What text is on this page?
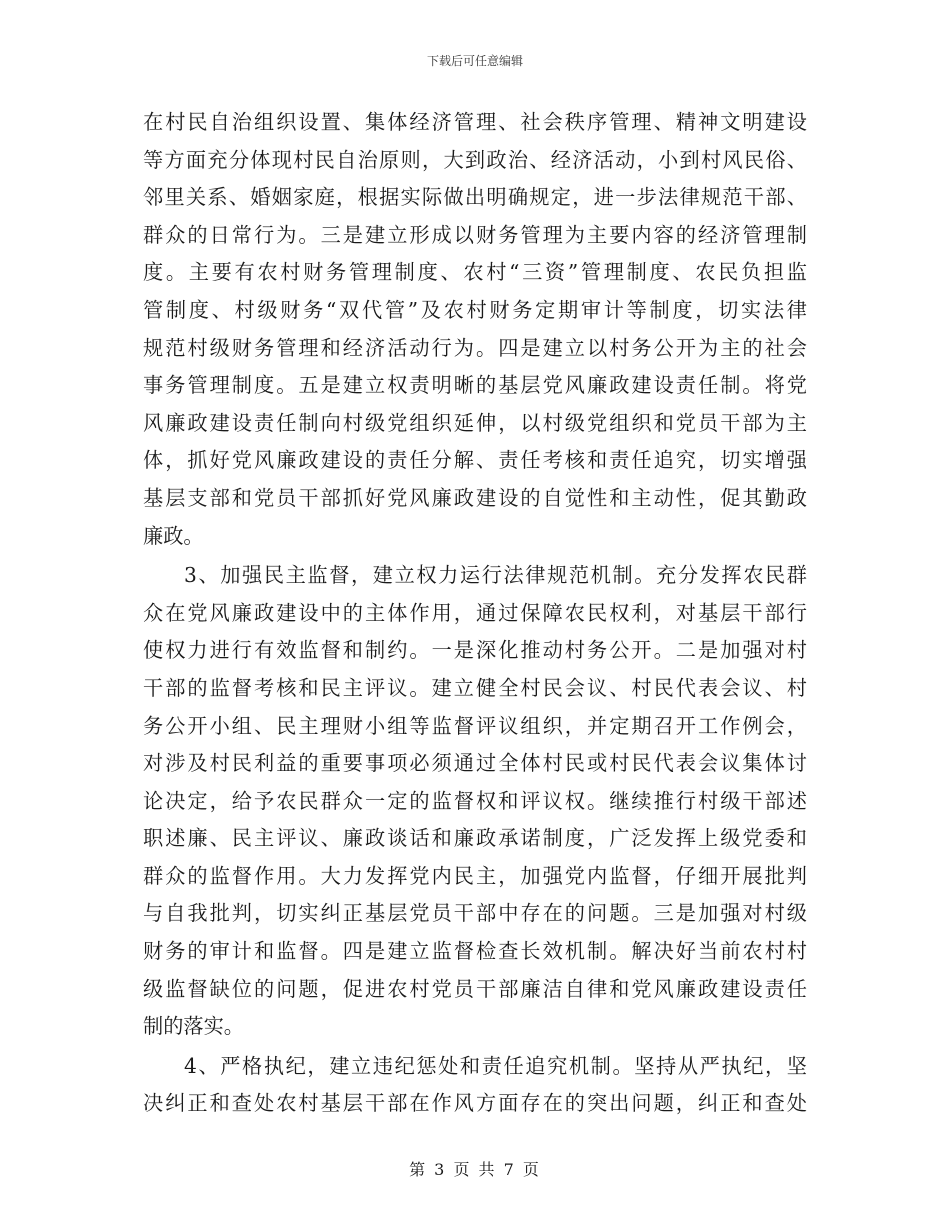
下载后可任意编辑
在村民自治组织设置、集体经济管理、社会秩序管理、精神文明建设
等方面充分体现村民自治原则，大到政治、经济活动，小到村风民俗、
邻里关系、婚姻家庭，根据实际做出明确规定，进一步法律规范干部、
群众的日常行为。三是建立形成以财务管理为主要内容的经济管理制
度。主要有农村财务管理制度、农村“三资”管理制度、农民负担监
管制度、村级财务“双代管”及农村财务定期审计等制度，切实法律
规范村级财务管理和经济活动行为。四是建立以村务公开为主的社会
事务管理制度。五是建立权责明晰的基层党风廉政建设责任制。将党
风廉政建设责任制向村级党组织延伸，以村级党组织和党员干部为主
体，抓好党风廉政建设的责任分解、责任考核和责任追究，切实增强
基层支部和党员干部抓好党风廉政建设的自觉性和主动性，促其勤政
廉政。
3、加强民主监督，建立权力运行法律规范机制。充分发挥农民群
众在党风廉政建设中的主体作用，通过保障农民权利，对基层干部行
使权力进行有效监督和制约。一是深化推动村务公开。二是加强对村
干部的监督考核和民主评议。建立健全村民会议、村民代表会议、村
务公开小组、民主理财小组等监督评议组织，并定期召开工作例会，
对涉及村民利益的重要事项必须通过全体村民或村民代表会议集体讨
论决定，给予农民群众一定的监督权和评议权。继续推行村级干部述
职述廉、民主评议、廉政谈话和廉政承诺制度，广泛发挥上级党委和
群众的监督作用。大力发挥党内民主，加强党内监督，仔细开展批判
与自我批判，切实纠正基层党员干部中存在的问题。三是加强对村级
财务的审计和监督。四是建立监督检查长效机制。解决好当前农村村
级监督缺位的问题，促进农村党员干部廉洁自律和党风廉政建设责任
制的落实。
4、严格执纪，建立违纪惩处和责任追究机制。坚持从严执纪，坚
决纠正和查处农村基层干部在作风方面存在的突出问题，纠正和查处
第 3 页 共 7 页
